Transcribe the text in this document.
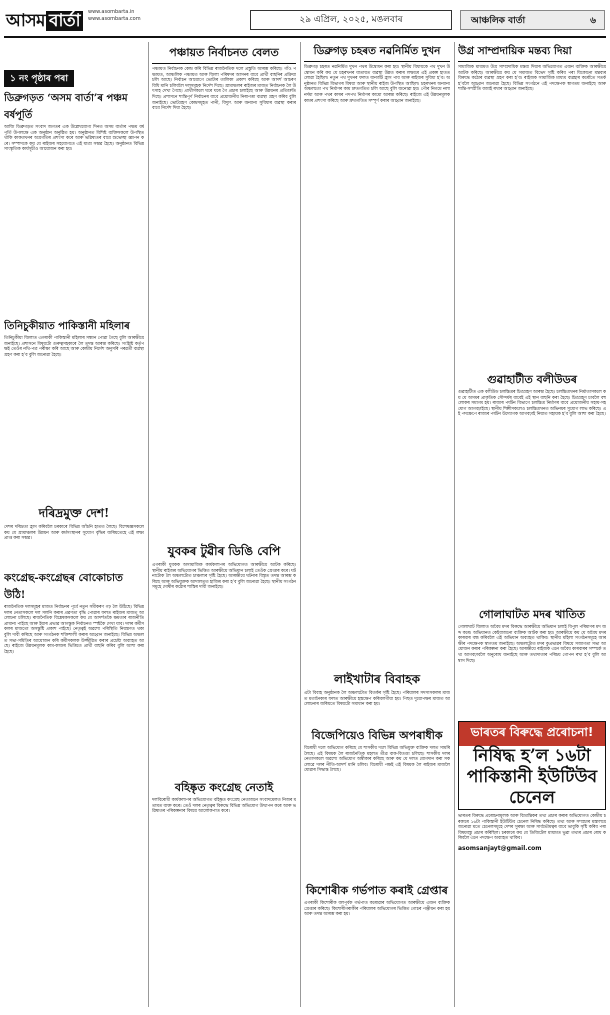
আসম বাৰ্তা	www.asombarta.in
www.asombarta.com	২৯ এপ্ৰিল, ২০২৫, মঙলবাৰ	আঞ্চলিক বাৰ্তা	৬
১ নং পৃষ্ঠাৰ পৰা
ডিব্ৰুগড়ত ‘অসম বাৰ্তা’ৰ পঞ্চম বৰ্ষপূৰ্তি

আজি ডিব্ৰুগড়ত সংবাদ জগতৰ এক উল্লেখযোগ্য দিনত অসম বাৰ্তাৰ পঞ্চম বৰ্ষপূৰ্তি উপলক্ষে এক অনুষ্ঠান অনুষ্ঠিত হয়। অনুষ্ঠানত বিশিষ্ট ব্যক্তিসকলে উপস্থিত থাকি কাকতখনৰ অগ্ৰগতিৰ প্ৰশংসা কৰে আৰু ভৱিষ্যতৰ বাবে শুভেচ্ছা জ্ঞাপন কৰে। সম্পাদকে কয় যে ৰাইজৰ সহযোগতে এই যাত্ৰা সম্ভৱ হৈছে। অনুষ্ঠানত বিভিন্ন সাংস্কৃতিক কাৰ্যসূচীও আয়োজন কৰা হয়।

তিনিচুকীয়াত পাকিস্তানী মহিলাৰ

তিনিচুকীয়া জিলাত এগৰাকী পাকিস্তানী মহিলাৰ সন্ধান পোৱা গৈছে বুলি আৰক্ষীয়ে জনাইছে। প্ৰশাসনে বিষয়টো গুৰুত্বসহকাৰে লৈ তদন্ত আৰম্ভ কৰিছে। সংশ্লিষ্ট কৰ্তৃপক্ষই তেওঁৰ নথি-পত্ৰ পৰীক্ষা কৰি আছে আৰু কেন্দ্ৰীয় নিৰ্দেশ অনুসৰি পৰৱৰ্তী ব্যৱস্থা গ্ৰহণ কৰা হ’ব বুলি জনোৱা হৈছে।

দৰিদ্ৰমুক্ত দেশ!

দেশৰ দৰিদ্ৰতা হ্ৰাস কৰিবলৈ চৰকাৰে বিভিন্ন আঁচনি হাতত লৈছে। বিশেষজ্ঞসকলে কয় যে গ্ৰামাঞ্চলৰ উন্নয়ন আৰু কৰ্মসংস্থানৰ সুযোগ বৃদ্ধিৰ জৰিয়তেহে এই লক্ষ্য প্ৰাপ্ত কৰা সম্ভৱ।

কংগ্ৰেছ-কংগ্ৰেছৰ বোকোচাত উঠি!

ৰাজনৈতিক দলসমূহৰ মাজত নিৰ্বাচনৰ পূৰ্বে নতুন সমীকৰণ গঢ় লৈ উঠিছে। বিভিন্ন দলৰ নেতাসকলে দল সলনি কৰাৰ প্ৰৱণতা বৃদ্ধি পোৱাৰ ফলত ৰাইজৰ মাজত আলোচনা চলিছে। ৰাজনৈতিক বিশ্লেষকসকলে কয় যে আদৰ্শতকৈ ক্ষমতাৰ ৰাজনীতি প্ৰাধান্য পাইছে আৰু ইয়াৰ প্ৰভাৱ আগন্তুক নিৰ্বাচনত স্পষ্টকৈ দেখা যাব। দলৰ কৰ্মীসকলৰ মাজতো অসন্তুষ্টি প্ৰকাশ পাইছে। নেতৃত্বই অৱশ্যে পৰিস্থিতি নিয়ন্ত্ৰণত থকা বুলি দাবী কৰিছে আৰু সংগঠনক শক্তিশালী কৰাৰ আহ্বান জনাইছে। বিভিন্ন অঞ্চলত সভা-সমিতিৰ আয়োজন কৰি কৰ্মীসকলক উজ্জীৱিত কৰাৰ প্ৰচেষ্টা অব্যাহত আছে। ৰাইজে উন্নয়নমূলক কাম-কাজৰ ভিত্তিতে প্ৰাৰ্থী বাছনি কৰিব বুলি আশা কৰা হৈছে।

পঞ্চায়ত নিৰ্বাচনত বেলত

পঞ্চায়ত নিৰ্বাচনক কেন্দ্ৰ কৰি বিভিন্ন ৰাজনৈতিক দলে প্ৰস্তুতি আৰম্ভ কৰিছে। গাঁও পঞ্চায়ত, আঞ্চলিক পঞ্চায়ত আৰু জিলা পৰিষদৰ আসনৰ বাবে প্ৰাৰ্থী বাছনিৰ প্ৰক্ৰিয়া চলি আছে। নিৰ্বাচন আয়োগে ভোটাৰ তালিকা প্ৰকাশ কৰিছে আৰু আদৰ্শ আচৰণ বিধি মানি চলিবলৈ দলসমূহক নিৰ্দেশ দিছে। গ্ৰামাঞ্চলৰ ৰাইজৰ মাজত নিৰ্বাচনক লৈ উৎসাহ দেখা গৈছে। প্ৰাৰ্থীসকলে ঘৰে ঘৰে গৈ প্ৰচাৰ চলাইছে আৰু উন্নয়নৰ প্ৰতিশ্ৰুতি দিছে। প্ৰশাসনে শান্তিপূৰ্ণ নিৰ্বাচনৰ বাবে প্ৰয়োজনীয় নিৰাপত্তা ব্যৱস্থা গ্ৰহণ কৰিব বুলি জনাইছে। ভোটগ্ৰহণ কেন্দ্ৰসমূহত পানী, বিদ্যুৎ আৰু অন্যান্য সুবিধাৰ ব্যৱস্থা কৰাৰ বাবে নিৰ্দেশ দিয়া হৈছে।

যুবকৰ টুৱীৰ ডিঙি বেপি

এগৰাকী যুবকক অসামাজিক কাৰ্যকলাপৰ অভিযোগত আৰক্ষীয়ে আটক কৰিছে। স্থানীয় ৰাইজৰ অভিযোগৰ ভিত্তিত আৰক্ষীয়ে অভিযান চলাই তেওঁক গ্ৰেপ্তাৰ কৰে। ঘটনাটোক লৈ অঞ্চলটোত চাঞ্চল্যৰ সৃষ্টি হৈছে। আৰক্ষীয়ে ঘটনাৰ বিস্তৃত তদন্ত আৰম্ভ কৰিছে আৰু অভিযুক্তক আদালতত হাজিৰ কৰা হ’ব বুলি জনোৱা হৈছে। স্থানীয় সংগঠনসমূহে দোষীৰ কঠোৰ শাস্তিৰ দাবী জনাইছে।

বহিষ্কৃত কংগ্ৰেছ নেতাই

দলবিৰোধী কাৰ্যকলাপৰ অভিযোগত বহিষ্কৃত কংগ্ৰেছ নেতাজনে সংবাদমেলত নিজৰ মতামত ব্যক্ত কৰে। তেওঁ দলৰ নেতৃত্বৰ বিৰুদ্ধে বিভিন্ন অভিযোগ উত্থাপন কৰে আৰু ভৱিষ্যতৰ পৰিকল্পনাৰ বিষয়ে আলোকপাত কৰে।

ডিব্ৰুগড় চহৰত নৱনিৰ্মিত দুখন

ডিব্ৰুগড় চহৰত নৱনিৰ্মিত দুখন পথৰ উদ্বোধন কৰা হয়। স্থানীয় বিধায়কে পথ দুখন উদ্বোধন কৰি কয় যে চহৰখনৰ যাতায়ত ব্যৱস্থা উন্নত কৰাৰ লক্ষ্যৰে এই প্ৰকল্প হাতত লোৱা হৈছিল। নতুন পথ দুখনৰ ফলত যানজঁট হ্ৰাস পাব আৰু ৰাইজৰ সুবিধা হ’ব। অনুষ্ঠানত বিভিন্ন বিভাগৰ বিষয়া আৰু স্থানীয় ৰাইজ উপস্থিত আছিল। চহৰখনৰ অন্যান্য অঞ্চলতো পথ নিৰ্মাণৰ কাম দ্ৰুতগতিত চলি আছে বুলি জনোৱা হয়। পৌৰ নিগমে নলা নৰ্দমা আৰু পথৰ কাষৰ পদপথ নিৰ্মাণৰ কামো আৰম্ভ কৰিছে। ৰাইজে এই উন্নয়নমূলক কামৰ প্ৰশংসা কৰিছে আৰু দ্ৰুতগতিত সম্পূৰ্ণ কৰাৰ আহ্বান জনাইছে।

লাইখাটাৰ বিবাহক

এটা বিবাহ অনুষ্ঠানক লৈ অঞ্চলটোত বিতৰ্কৰ সৃষ্টি হৈছে। পৰিয়ালৰ সদস্যসকলৰ মাজত মতানৈক্যৰ ফলত আৰক্ষীয়ে হস্তক্ষেপ কৰিবলগীয়া হয়। পিছত দুয়োপক্ষৰ মাজত আলোচনাৰ জৰিয়তে বিষয়টো সমাধান কৰা হয়।

বিজেপিয়েও বিভিন্ন অপৰাধীক

বিৰোধী দলে অভিযোগ কৰিছে যে শাসকীয় দলে বিভিন্ন অভিযুক্ত ব্যক্তিক দলত সামৰি লৈছে। এই বিষয়ক লৈ ৰাজনৈতিক মহলত তীব্ৰ বাক-বিতণ্ডা চলিছে। শাসকীয় দলৰ নেতাসকলে অৱশ্যে অভিযোগ অস্বীকাৰ কৰিছে আৰু কয় যে দলত যোগদান কৰা সকলোৱে দলৰ নীতি-আদৰ্শ মানি চলিব। বিৰোধী পক্ষই এই বিষয়ক লৈ ৰাইজৰ মাজলৈ যোৱাৰ সিদ্ধান্ত লৈছে।

কিশোৰীক গৰ্ভপাত কৰাই গ্ৰেপ্তাৰ

এগৰাকী কিশোৰীক বলপূৰ্বক গৰ্ভপাত কৰোৱাৰ অভিযোগত আৰক্ষীয়ে এজন ব্যক্তিক গ্ৰেপ্তাৰ কৰিছে। কিশোৰীগৰাকীৰ পৰিয়ালৰ অভিযোগৰ ভিত্তিত গোচৰ পঞ্জীয়ন কৰা হয় আৰু তদন্ত আৰম্ভ কৰা হয়।

উগ্ৰ সাম্প্ৰদায়িক মন্তব্য দিয়া

সামাজিক মাধ্যমত উগ্ৰ সাম্প্ৰদায়িক মন্তব্য দিয়াৰ অভিযোগত এজন ব্যক্তিক আৰক্ষীয়ে আটক কৰিছে। আৰক্ষীয়ে কয় যে সমাজত বিভেদ সৃষ্টি কৰিব পৰা যিকোনো মন্তব্যৰ বিৰুদ্ধে কঠোৰ ব্যৱস্থা গ্ৰহণ কৰা হ’ব। ৰাইজক সামাজিক মাধ্যম ব্যৱহাৰ কৰোঁতে সতৰ্ক হ’বলৈ আহ্বান জনোৱা হৈছে। বিভিন্ন সংগঠনে এই পদক্ষেপক স্বাগতম জনাইছে আৰু শান্তি-সম্প্ৰীতি বজাই ৰখাৰ আহ্বান জনাইছে।

গুৱাহাটীত বলীউডৰ

গুৱাহাটীত এক বলীউড চলচ্চিত্ৰৰ চিত্ৰগ্ৰহণ আৰম্ভ হৈছে। চলচ্চিত্ৰখনৰ নিৰ্মাতাসকলে কয় যে অসমৰ প্ৰাকৃতিক সৌন্দৰ্যৰ বাবেই এই স্থান বাছনি কৰা হৈছে। চিত্ৰগ্ৰহণ চাবলৈ বহু লোকৰ সমাগম হয়। ৰাজ্যৰ পৰ্যটন বিভাগে চলচ্চিত্ৰ নিৰ্মাণৰ বাবে প্ৰয়োজনীয় সহায়-সহযোগ আগবঢ়াইছে। স্থানীয় শিল্পীসকলেও চলচ্চিত্ৰখনত অভিনয়ৰ সুযোগ লাভ কৰিছে। এই পদক্ষেপে ৰাজ্যৰ পৰ্যটন উদ্যোগক আগবঢ়াই নিয়াত সহায়ক হ’ব বুলি আশা কৰা হৈছে।

গোলাঘাটত মদৰ খাতিত

গোলাঘাট জিলাত অবৈধ মদৰ বিৰুদ্ধে আৰক্ষীয়ে অভিযান চলাই বিপুল পৰিমাণৰ মদ জব্দ কৰে। অভিযানত কেইবাজনো ব্যক্তিক আটক কৰা হয়। আৰক্ষীয়ে কয় যে অবৈধ মদৰ কাৰবাৰ বন্ধ কৰিবলৈ এই অভিযান অব্যাহত থাকিব। স্থানীয় মহিলা সংগঠনসমূহে আৰক্ষীৰ পদক্ষেপক স্বাগতম জনাইছে। অঞ্চলটোত মদৰ কুপ্ৰভাৱৰ বিষয়ে সজাগতা সভা আয়োজন কৰাৰ পৰিকল্পনা কৰা হৈছে। আৰক্ষীয়ে ৰাইজক এনে অবৈধ কাৰবাৰৰ সম্পৰ্কে তথ্য আগবঢ়াবলৈ অনুৰোধ জনাইছে আৰু তথ্যদাতাৰ পৰিচয় গোপন ৰখা হ’ব বুলি আশ্বাস দিছে।

ভাৰতৰ বিৰুদ্ধে প্ৰৰোচনা!
নিষিদ্ধ হ’ল ১৬টা
পাকিস্তানী ইউটিউব চেনেল

ভাৰতৰ বিৰুদ্ধে প্ৰৰোচনামূলক আৰু বিভ্ৰান্তিকৰ তথ্য প্ৰচাৰ কৰাৰ অভিযোগত কেন্দ্ৰীয় চৰকাৰে ১৬টা পাকিস্তানী ইউটিউব চেনেল নিষিদ্ধ কৰিছে। তথ্য আৰু সম্প্ৰচাৰ মন্ত্ৰালয়ে জনোৱা মতে চেনেলসমূহে দেশৰ সুৰক্ষা আৰু সাৰ্বভৌমত্বৰ বাবে ভাবুকি সৃষ্টি কৰিব পৰা বিষয়বস্তু প্ৰচাৰ কৰিছিল। চৰকাৰে কয় যে ডিজিটেল মাধ্যমত ভুৱা তথ্যৰ প্ৰচাৰ ৰোধ কৰিবলৈ এনে পদক্ষেপ অব্যাহত থাকিব।

asomsanjayt@gmail.com
